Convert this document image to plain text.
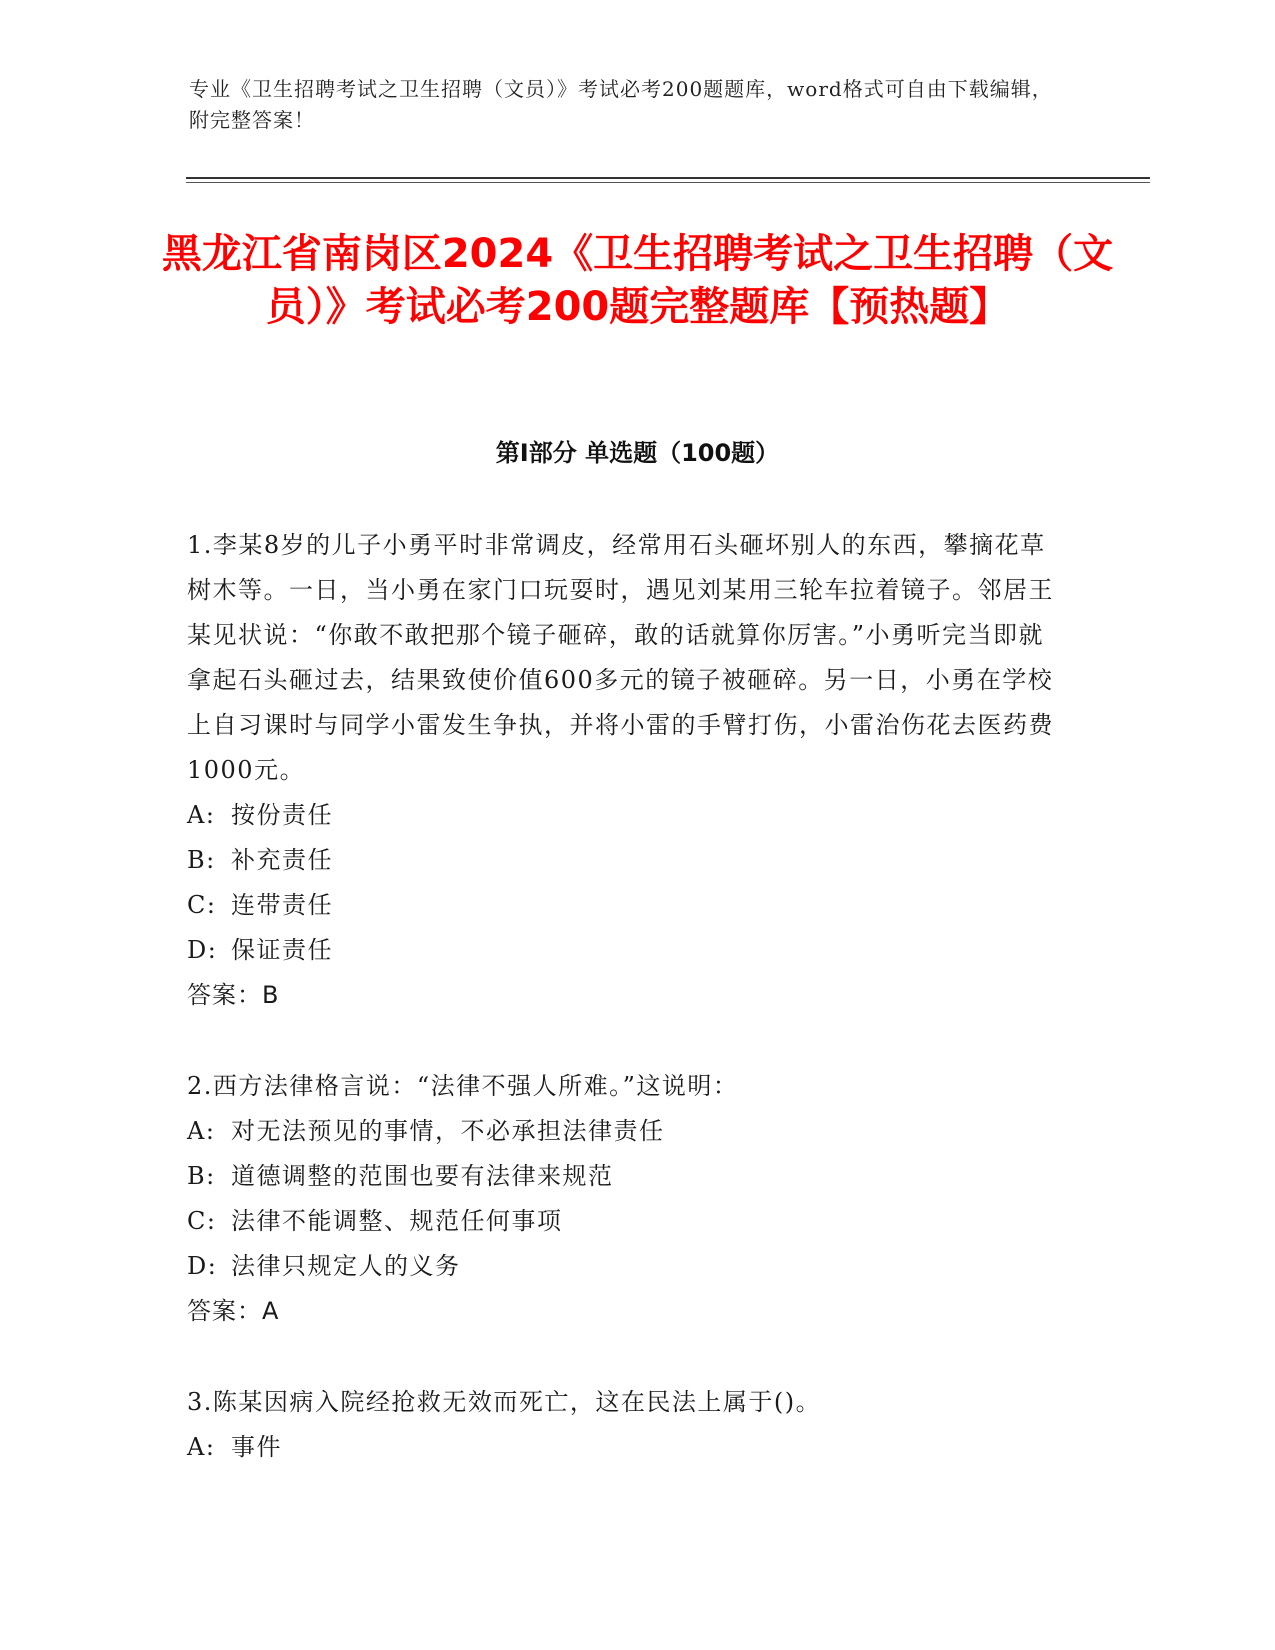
专业《卫生招聘考试之卫生招聘（文员）》考试必考200题题库，word格式可自由下载编辑，附完整答案！
黑龙江省南岗区2024《卫生招聘考试之卫生招聘（文员）》考试必考200题完整题库【预热题】
第I部分 单选题（100题）

1.李某8岁的儿子小勇平时非常调皮，经常用石头砸坏别人的东西，攀摘花草树木等。一日，当小勇在家门口玩耍时，遇见刘某用三轮车拉着镜子。邻居王某见状说：“你敢不敢把那个镜子砸碎，敢的话就算你厉害。”小勇听完当即就拿起石头砸过去，结果致使价值600多元的镜子被砸碎。另一日，小勇在学校上自习课时与同学小雷发生争执，并将小雷的手臂打伤，小雷治伤花去医药费1000元。

A: 按份责任

B: 补充责任

C: 连带责任

D: 保证责任

答案：B

2.西方法律格言说：“法律不强人所难。”这说明：

A: 对无法预见的事情，不必承担法律责任

B: 道德调整的范围也要有法律来规范

C: 法律不能调整、规范任何事项

D: 法律只规定人的义务

答案：A

3.陈某因病入院经抢救无效而死亡，这在民法上属于()。

A: 事件
